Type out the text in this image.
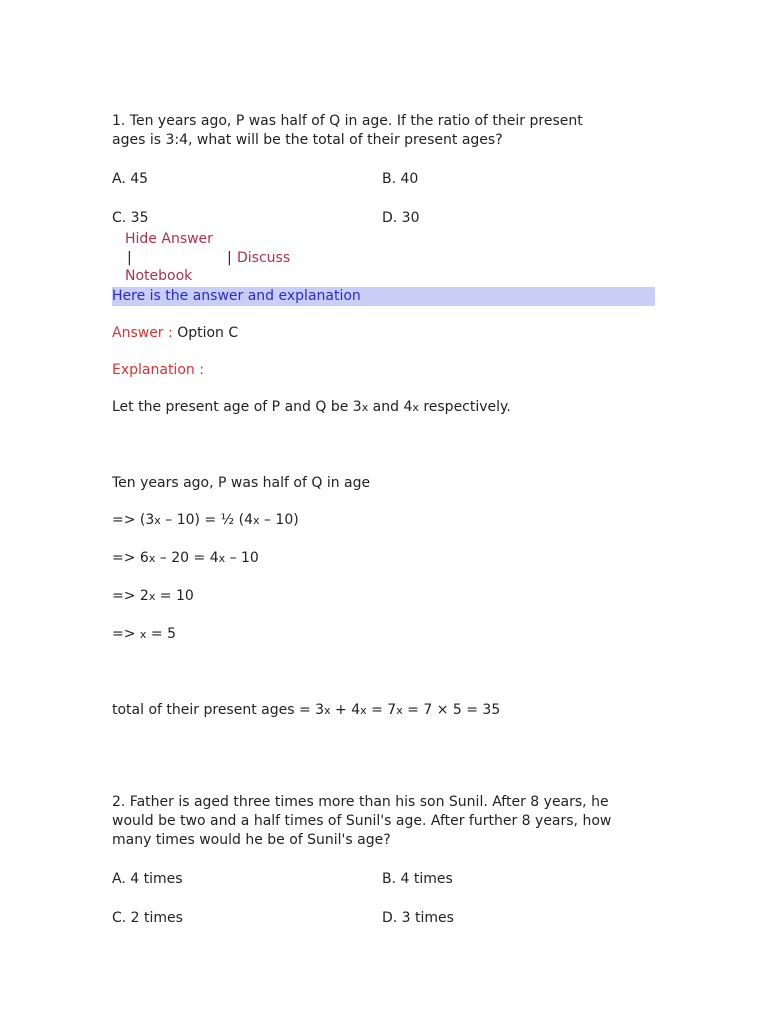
1. Ten years ago, P was half of Q in age. If the ratio of their present
ages is 3:4, what will be the total of their present ages?
A. 45	B. 40
C. 35	D. 30
Hide Answer
|	| Discuss
Notebook
Here is the answer and explanation
Answer : Option C
Explanation :
Let the present age of P and Q be 3x and 4x respectively.
Ten years ago, P was half of Q in age
=> (3x – 10) = ½ (4x – 10)
=> 6x – 20 = 4x – 10
=> 2x = 10
=> x = 5
total of their present ages = 3x + 4x = 7x = 7 × 5 = 35
2. Father is aged three times more than his son Sunil. After 8 years, he
would be two and a half times of Sunil's age. After further 8 years, how
many times would he be of Sunil's age?
A. 4 times	B. 4 times
C. 2 times	D. 3 times
